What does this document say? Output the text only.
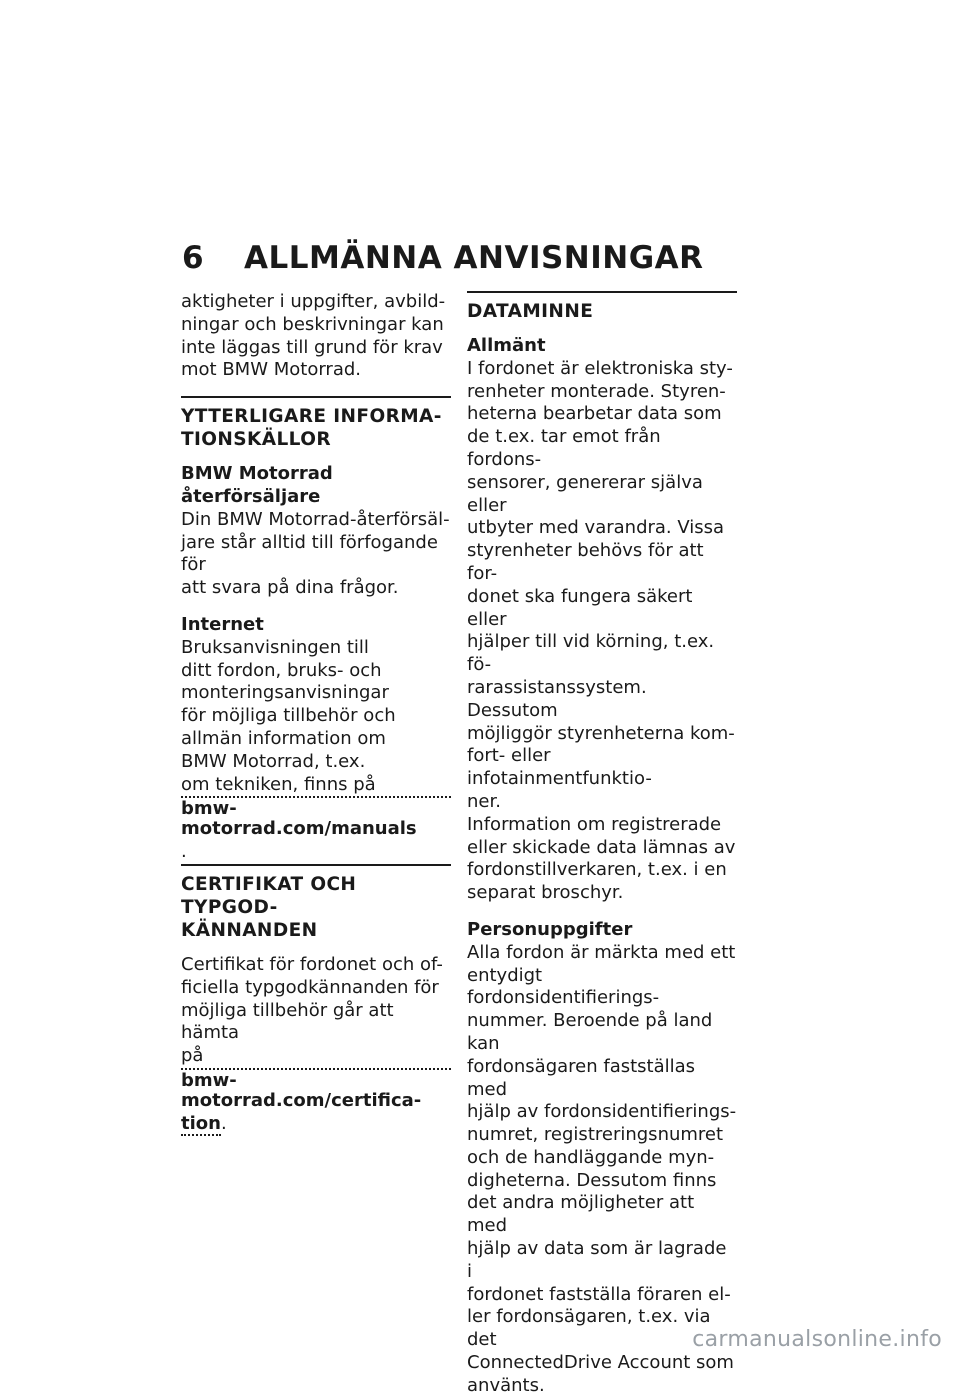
6 ALLMÄNNA ANVISNINGAR

aktigheter i uppgifter, avbild-
ningar och beskrivningar kan
inte läggas till grund för krav
mot BMW Motorrad.

YTTERLIGARE INFORMA-
TIONSKÄLLOR

BMW Motorrad återförsäljare

Din BMW Motorrad-återförsäl-
jare står alltid till förfogande för
att svara på dina frågor.

Internet

Bruksanvisningen till
ditt fordon, bruks- och
monteringsanvisningar
för möjliga tillbehör och
allmän information om
BMW Motorrad, t.ex.
om tekniken, finns på

bmw-motorrad.com/manuals.

CERTIFIKAT OCH TYPGOD-
KÄNNANDEN

Certifikat för fordonet och of-
ficiella typgodkännanden för
möjliga tillbehör går att hämta
på

bmw-motorrad.com/certifica-

tion.

DATAMINNE

Allmänt

I fordonet är elektroniska sty-
renheter monterade. Styren-
heterna bearbetar data som
de t.ex. tar emot från fordons-
sensorer, genererar själva eller
utbyter med varandra. Vissa
styrenheter behövs för att for-
donet ska fungera säkert eller
hjälper till vid körning, t.ex. fö-
rarassistanssystem. Dessutom
möjliggör styrenheterna kom-
fort- eller infotainmentfunktio-
ner.

Information om registrerade
eller skickade data lämnas av
fordonstillverkaren, t.ex. i en
separat broschyr.

Personuppgifter

Alla fordon är märkta med ett
entydigt fordonsidentifierings-
nummer. Beroende på land kan
fordonsägaren fastställas med
hjälp av fordonsidentifierings-
numret, registreringsnumret
och de handläggande myn-
digheterna. Dessutom finns
det andra möjligheter att med
hjälp av data som är lagrade i
fordonet fastställa föraren el-
ler fordonsägaren, t.ex. via det
ConnectedDrive Account som
använts.

carmanualsonline.info
